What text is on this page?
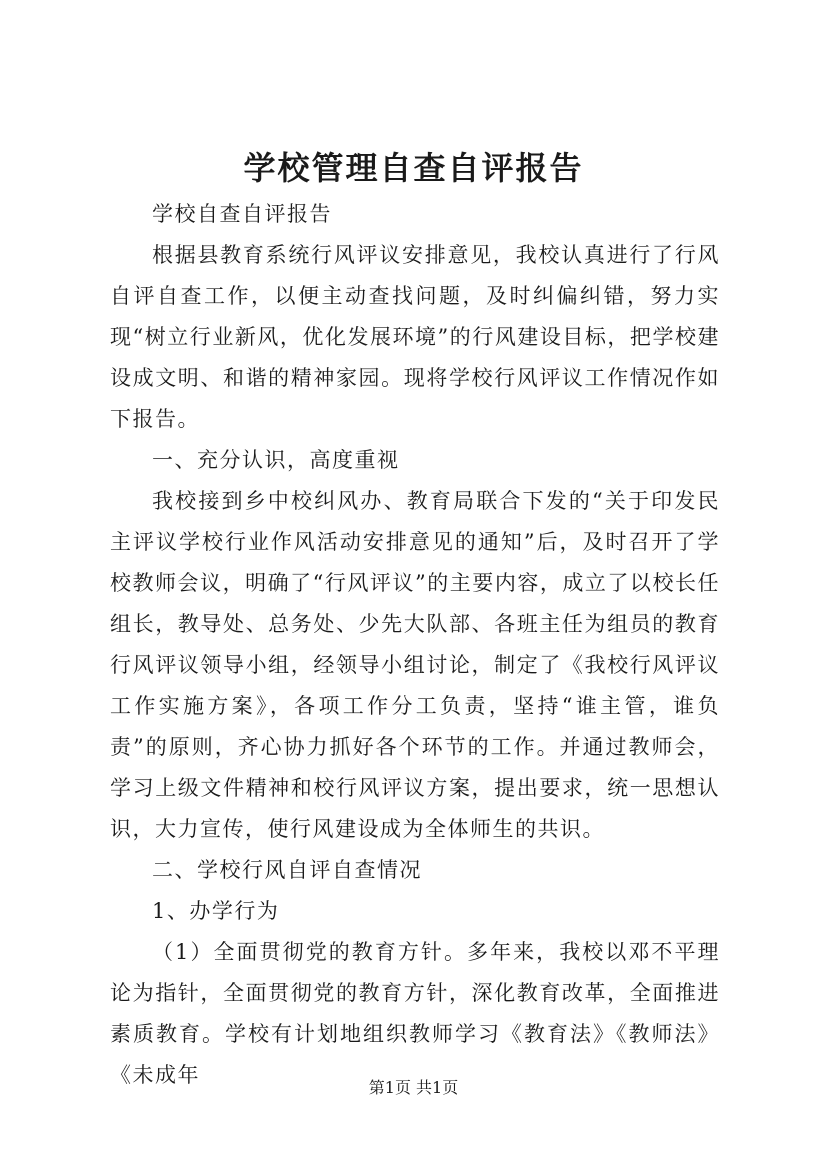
学校管理自查自评报告

学校自查自评报告

根据县教育系统行风评议安排意见，我校认真进行了行风自评自查工作，以便主动查找问题，及时纠偏纠错，努力实现“树立行业新风，优化发展环境”的行风建设目标，把学校建设成文明、和谐的精神家园。现将学校行风评议工作情况作如下报告。

一、充分认识，高度重视

我校接到乡中校纠风办、教育局联合下发的“关于印发民主评议学校行业作风活动安排意见的通知”后，及时召开了学校教师会议，明确了“行风评议”的主要内容，成立了以校长任组长，教导处、总务处、少先大队部、各班主任为组员的教育行风评议领导小组，经领导小组讨论，制定了《我校行风评议工作实施方案》，各项工作分工负责，坚持“谁主管，谁负责”的原则，齐心协力抓好各个环节的工作。并通过教师会，学习上级文件精神和校行风评议方案，提出要求，统一思想认识，大力宣传，使行风建设成为全体师生的共识。

二、学校行风自评自查情况

1、办学行为

（1）全面贯彻党的教育方针。多年来，我校以邓不平理论为指针，全面贯彻党的教育方针，深化教育改革，全面推进素质教育。学校有计划地组织教师学习《教育法》《教师法》《未成年

第1页 共1页
